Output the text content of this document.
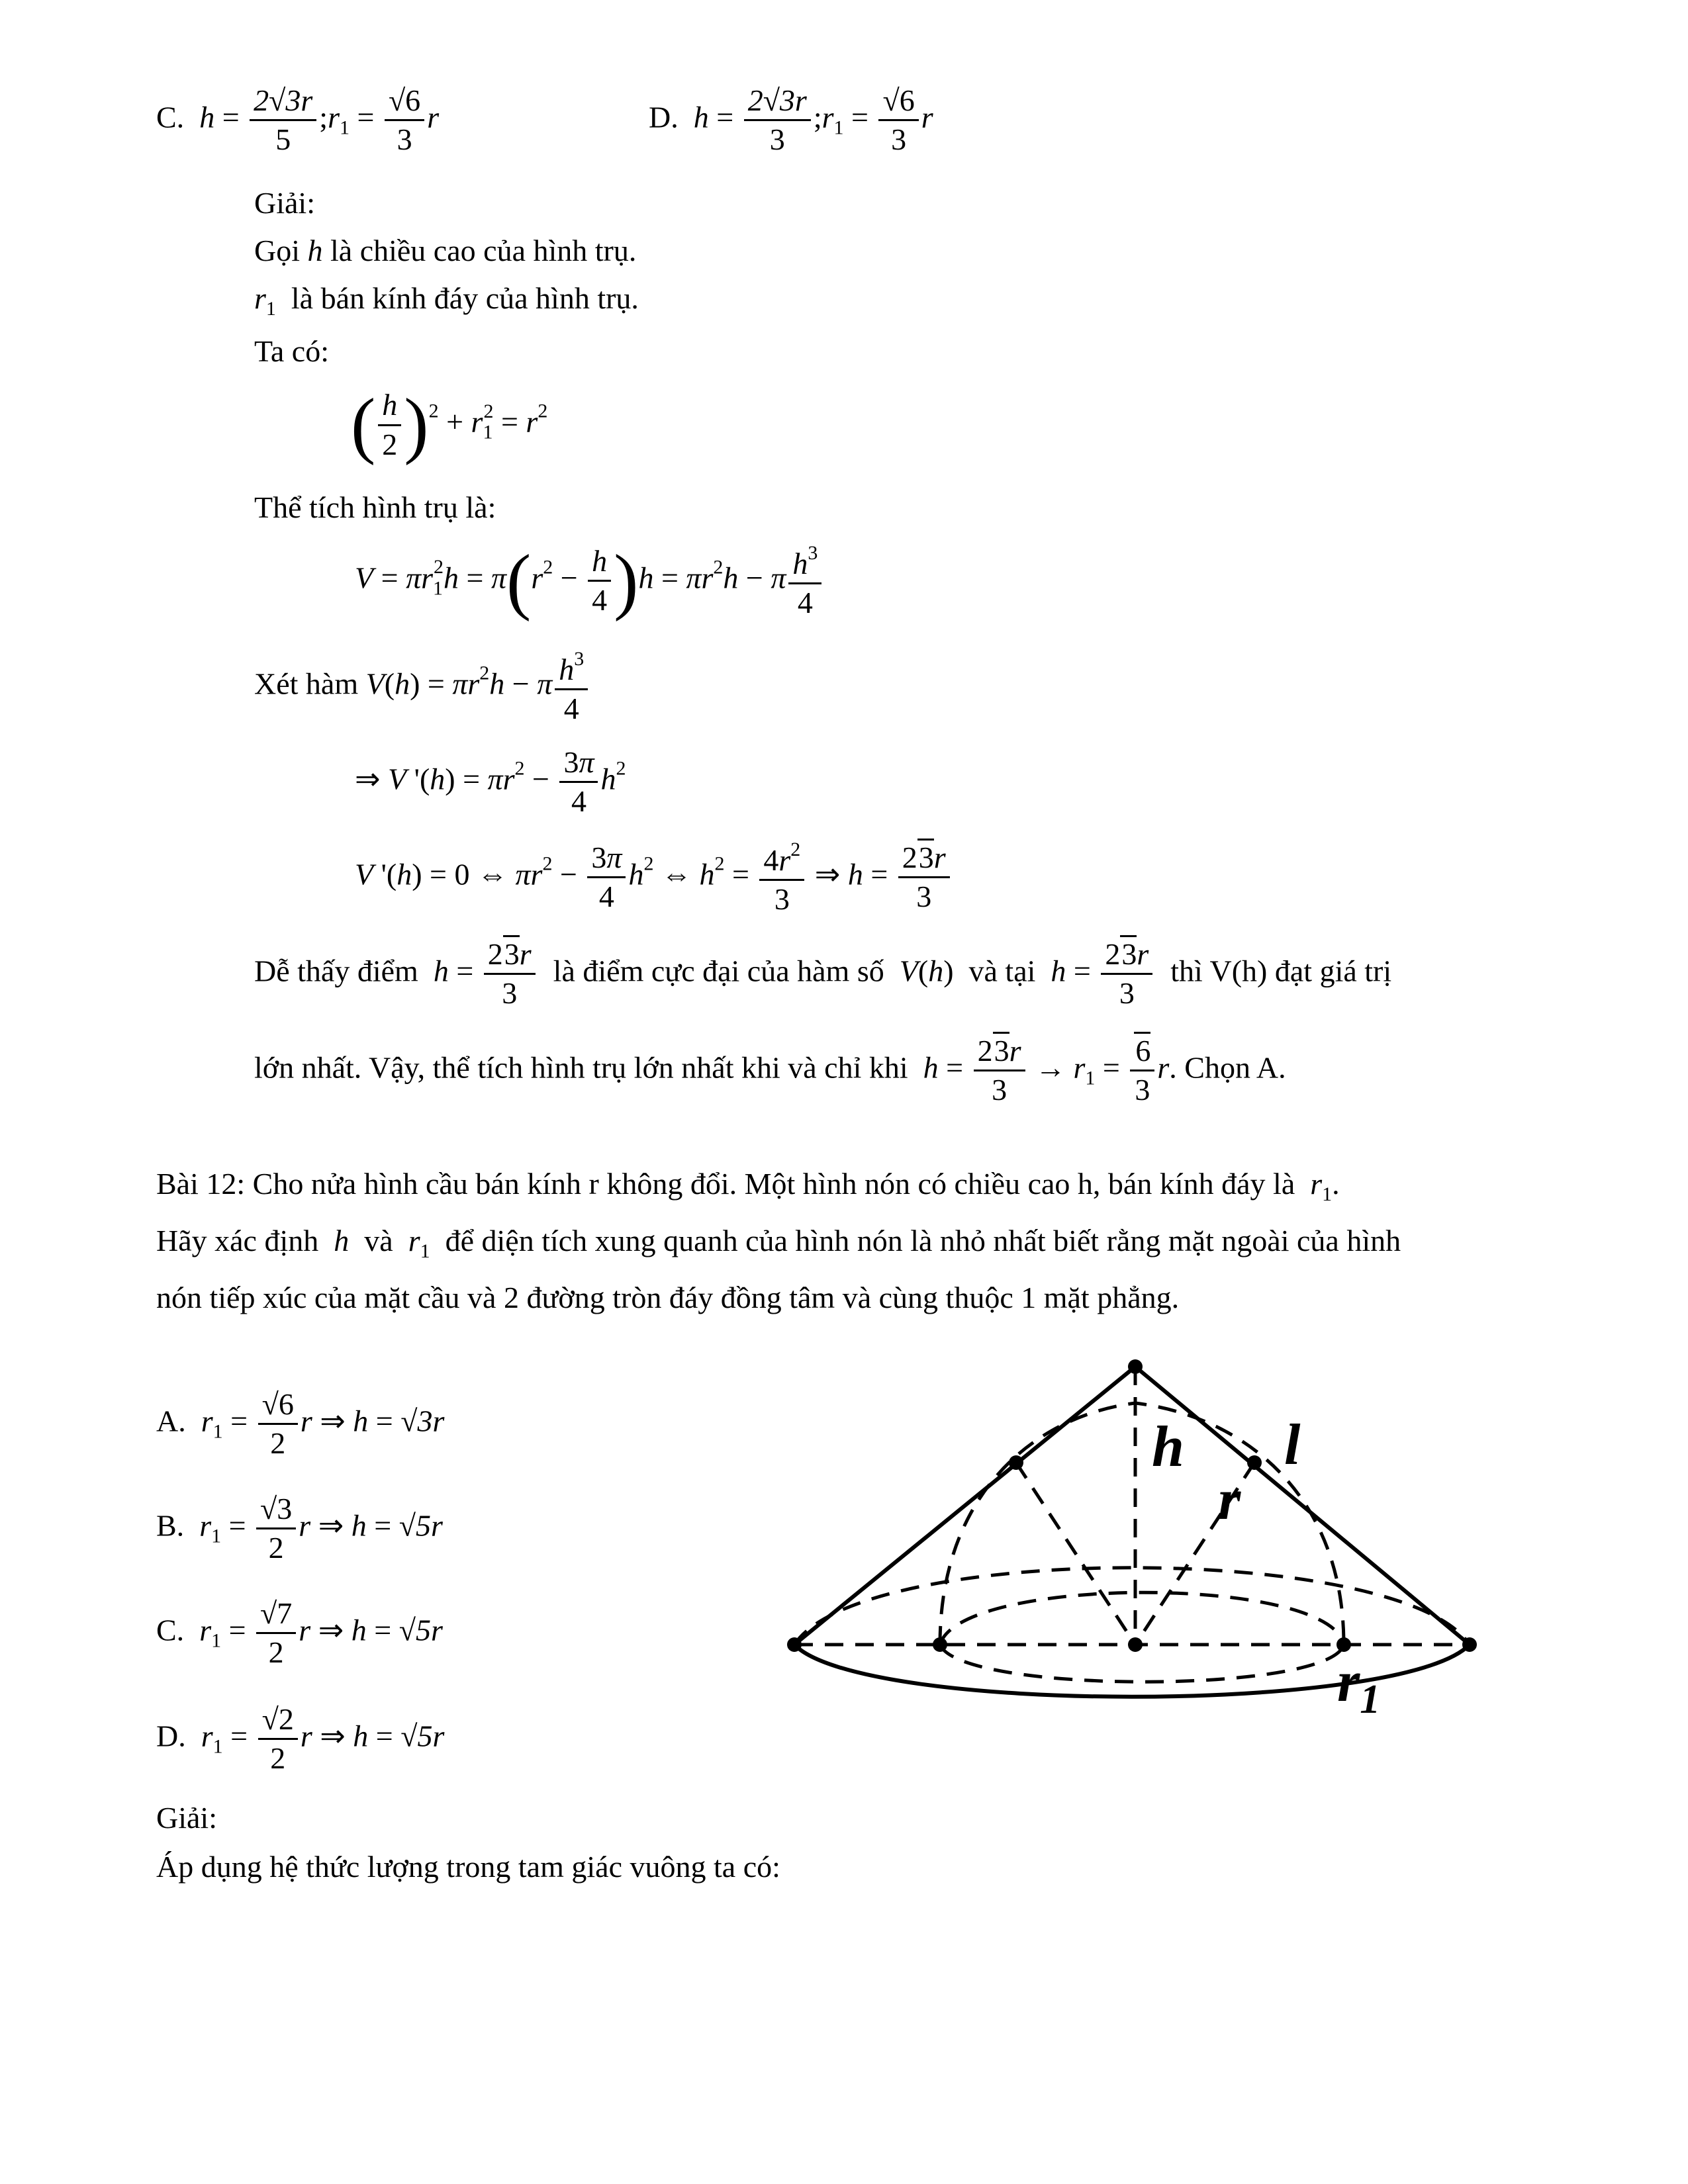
C. $h = \frac{2√3r}{5}$ $;r_1 = \frac{√6}{3}$ r	D. $h = \frac{2√3r}{3}$ $;r_1 = \frac{√6}{3}$ r
Giải:
Gọi h là chiều cao của hình trụ.
$r_1$ là bán kính đáy của hình trụ.
Ta có:
( $\frac{h}{2} )^2 + r_1^2 = r^2$
Thể tích hình trụ là:
$V = \pi r_1^2h = \pi(r^2 - \frac{h}{4} )h = \pi r^2h - \pi \frac{h^3}{4}$
Xét hàm $V(h) = \pi r^2h - \pi \frac{h^3}{4}$
⇒ V '$(h) = \pi r^2 - \frac{3\pi}{4} h^2$
V '(h) = 0 ⇔ $\pi r^2 - \frac{3\pi}{4} h^2$ ⇔ $h^2 = \frac{4r^2}{3}$ ⇒ $h = \frac{23r}{3}$
Dễ thấy điểm $h = \frac{23r}{3}$ là điểm cực đại của hàm số V(h)  và tại $h = \frac{23r}{3}$ thì V(h) đạt giá trị
lớn nhất. Vậy, thể tích hình trụ lớn nhất khi và chỉ khi $h = \frac{23r}{3} \to r_1 = \frac{6}{3} r$. Chọn A.
Bài 12: Cho nửa hình cầu bán kính r không đổi. Một hình nón có chiều cao h, bán kính đáy là $r_1$.
Hãy xác định h và $r_1$ để diện tích xung quanh của hình nón là nhỏ nhất biết rằng mặt ngoài của hình
nón tiếp xúc của mặt cầu và 2 đường tròn đáy đồng tâm và cùng thuộc 1 mặt phẳng.
A. $r_1 = \frac{√6}{2}$ r ⇒ h = √3r
B. $r_1 = \frac{√3}{2}$ r ⇒ h = √5r
C. $r_1 = \frac{√7}{2}$ r ⇒ h = √5r
D. $r_1 = \frac{√2}{2}$ r ⇒ h = √5r
h l
r
$r_1$
Giải:
Áp dụng hệ thức lượng trong tam giác vuông ta có:
